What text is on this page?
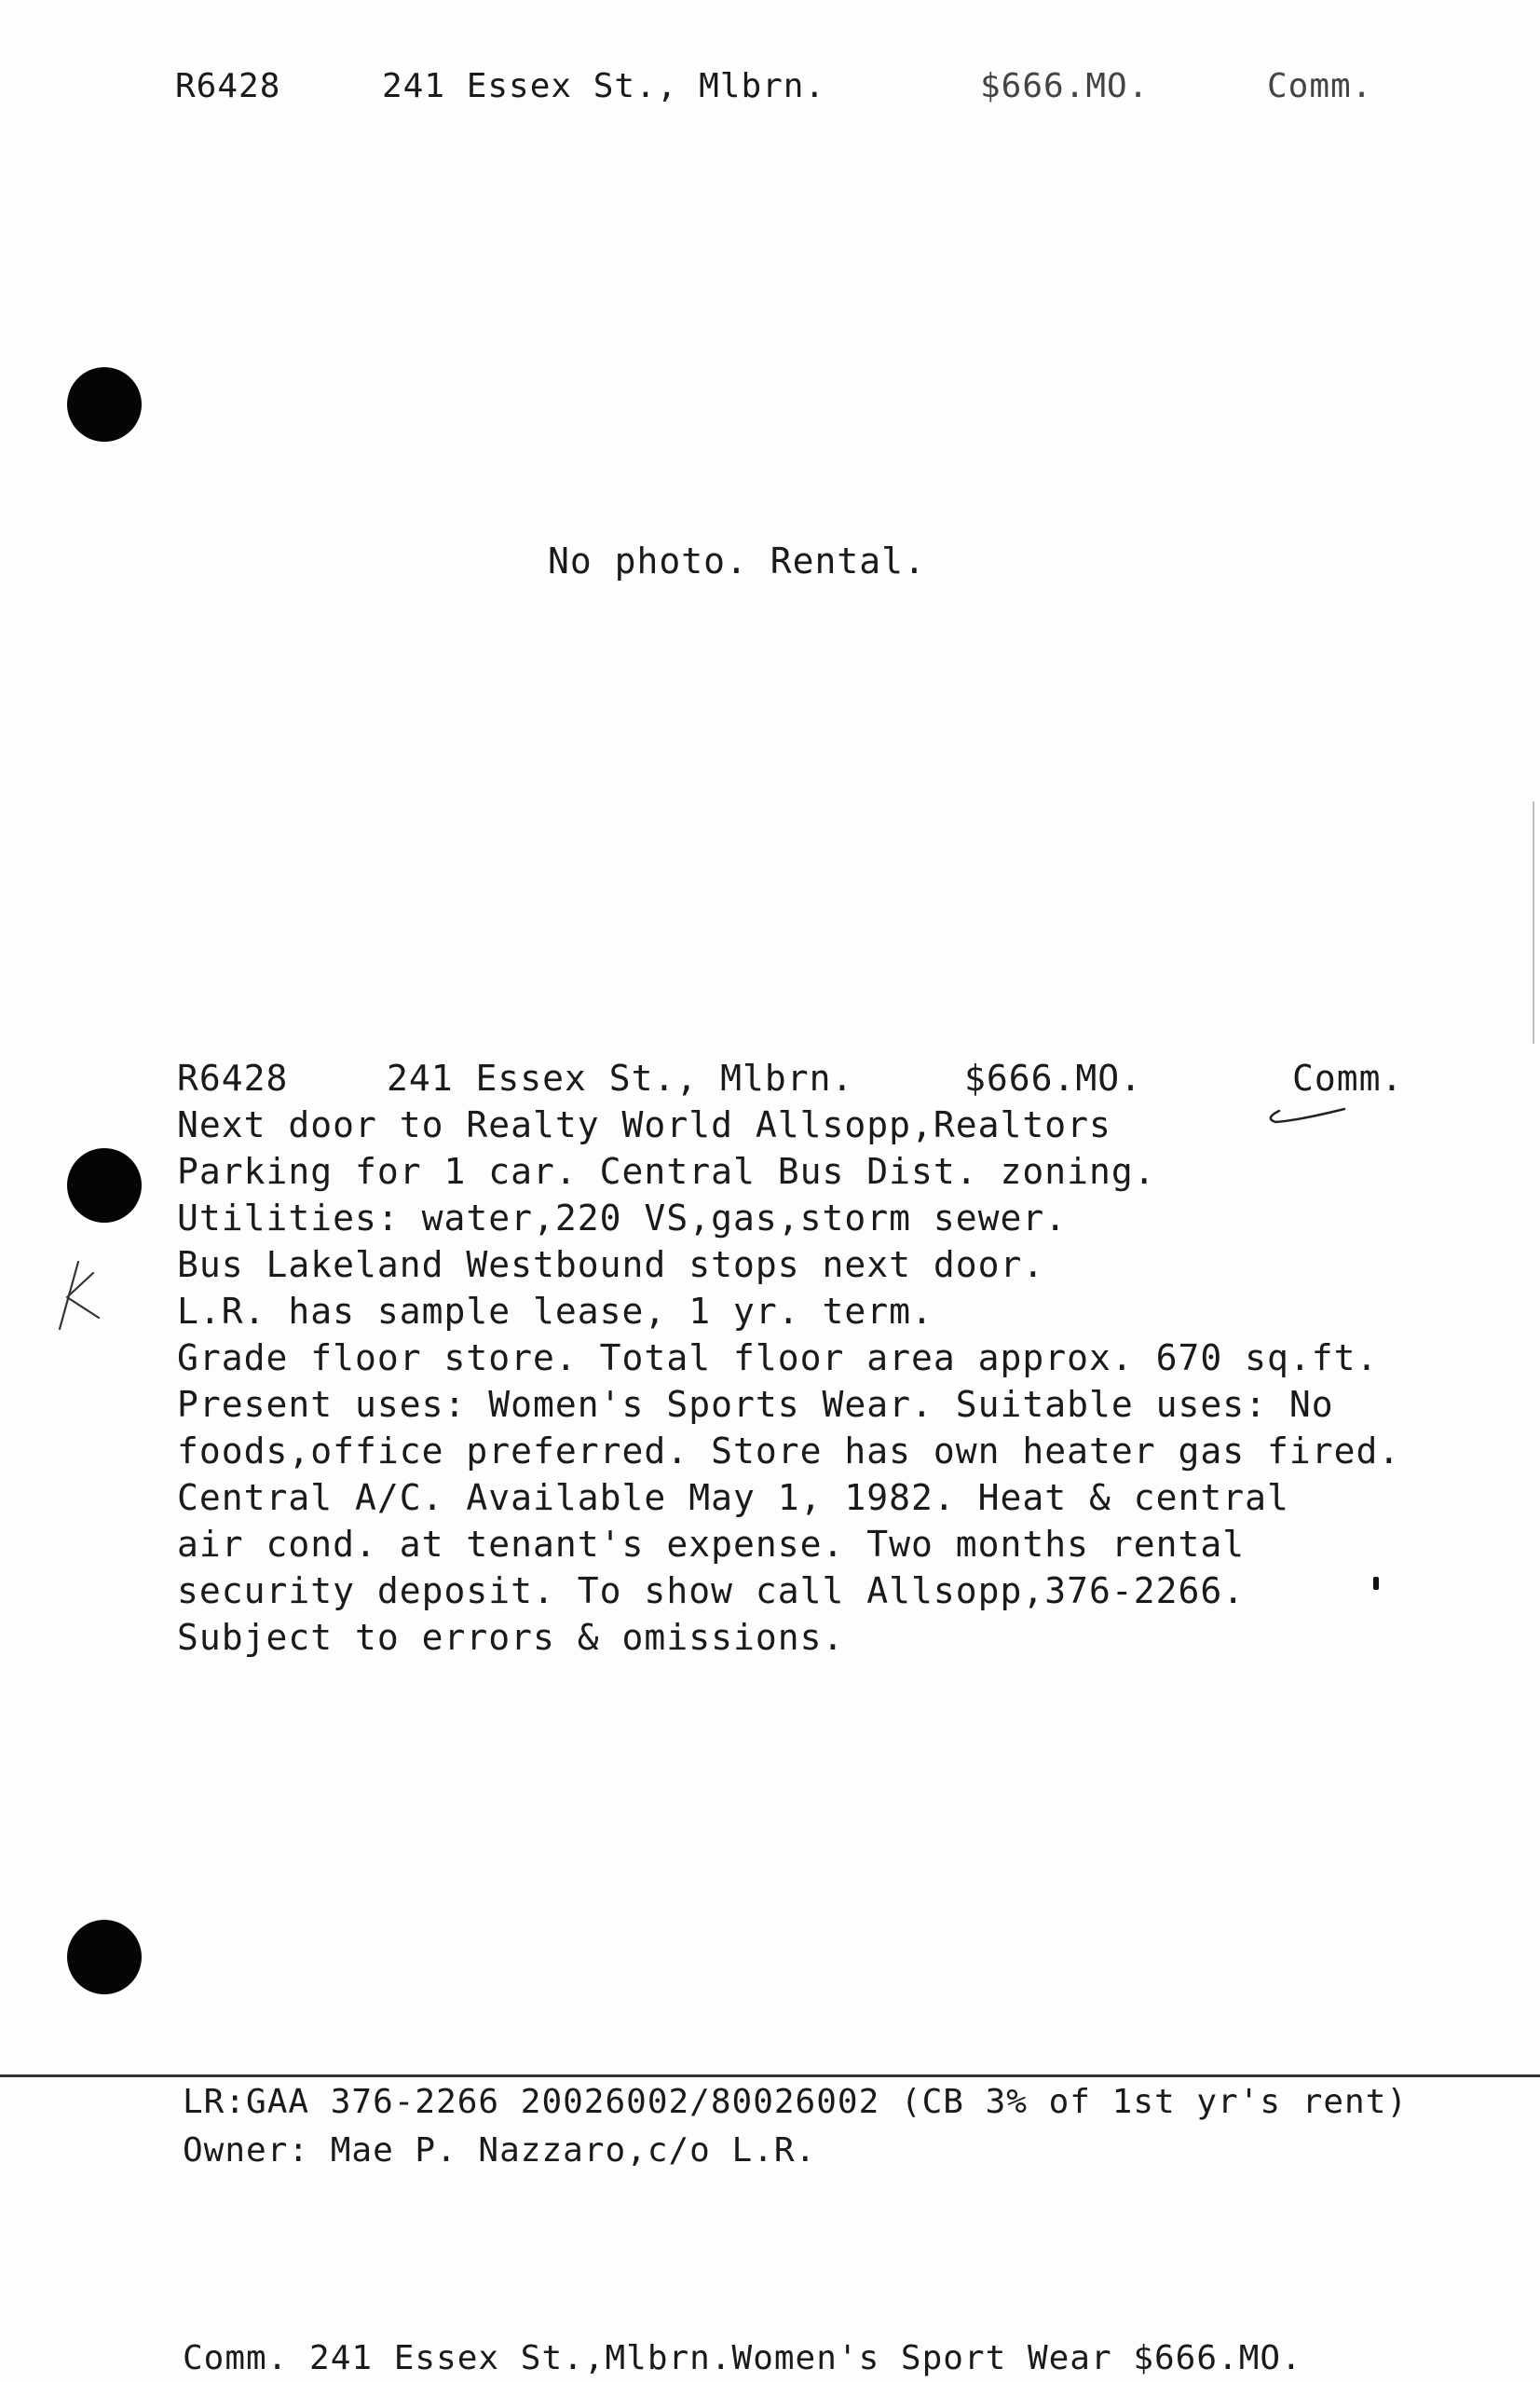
R6428	241 Essex St., Mlbrn.	$666.MO.	Comm.
No photo. Rental.
R6428	241 Essex St., Mlbrn.	$666.MO.	Comm.
Next door to Realty World Allsopp,Realtors
Parking for 1 car. Central Bus Dist. zoning.
Utilities: water,220 VS,gas,storm sewer.
Bus Lakeland Westbound stops next door.
L.R. has sample lease, 1 yr. term.
Grade floor store. Total floor area approx. 670 sq.ft.
Present uses: Women's Sports Wear. Suitable uses: No
foods,office preferred. Store has own heater gas fired.
Central A/C. Available May 1, 1982. Heat & central
air cond. at tenant's expense. Two months rental
security deposit. To show call Allsopp,376-2266.
Subject to errors & omissions.
LR:GAA 376-2266 20026002/80026002 (CB 3% of 1st yr's rent)
Owner: Mae P. Nazzaro,c/o L.R.
Comm. 241 Essex St.,Mlbrn.Women's Sport Wear $666.MO.
